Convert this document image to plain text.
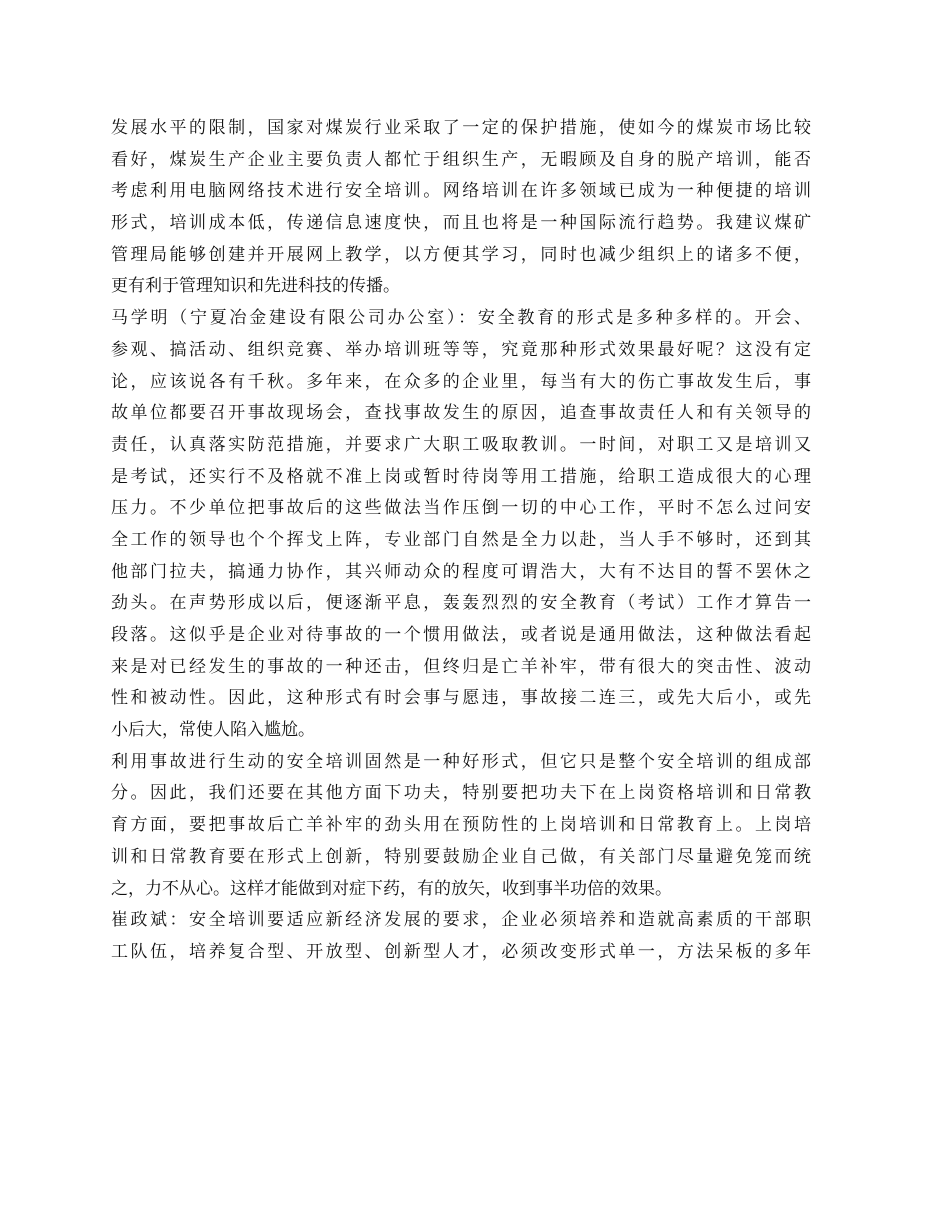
发展水平的限制，国家对煤炭行业采取了一定的保护措施，使如今的煤炭市场比较
看好，煤炭生产企业主要负责人都忙于组织生产，无暇顾及自身的脱产培训，能否
考虑利用电脑网络技术进行安全培训。网络培训在许多领域已成为一种便捷的培训
形式，培训成本低，传递信息速度快，而且也将是一种国际流行趋势。我建议煤矿
管理局能够创建并开展网上教学，以方便其学习，同时也减少组织上的诸多不便，
更有利于管理知识和先进科技的传播。
马学明（宁夏冶金建设有限公司办公室）：安全教育的形式是多种多样的。开会、
参观、搞活动、组织竞赛、举办培训班等等，究竟那种形式效果最好呢？这没有定
论，应该说各有千秋。多年来，在众多的企业里，每当有大的伤亡事故发生后，事
故单位都要召开事故现场会，查找事故发生的原因，追查事故责任人和有关领导的
责任，认真落实防范措施，并要求广大职工吸取教训。一时间，对职工又是培训又
是考试，还实行不及格就不准上岗或暂时待岗等用工措施，给职工造成很大的心理
压力。不少单位把事故后的这些做法当作压倒一切的中心工作，平时不怎么过问安
全工作的领导也个个挥戈上阵，专业部门自然是全力以赴，当人手不够时，还到其
他部门拉夫，搞通力协作，其兴师动众的程度可谓浩大，大有不达目的誓不罢休之
劲头。在声势形成以后，便逐渐平息，轰轰烈烈的安全教育（考试）工作才算告一
段落。这似乎是企业对待事故的一个惯用做法，或者说是通用做法，这种做法看起
来是对已经发生的事故的一种还击，但终归是亡羊补牢，带有很大的突击性、波动
性和被动性。因此，这种形式有时会事与愿违，事故接二连三，或先大后小，或先
小后大，常使人陷入尴尬。
利用事故进行生动的安全培训固然是一种好形式，但它只是整个安全培训的组成部
分。因此，我们还要在其他方面下功夫，特别要把功夫下在上岗资格培训和日常教
育方面，要把事故后亡羊补牢的劲头用在预防性的上岗培训和日常教育上。上岗培
训和日常教育要在形式上创新，特别要鼓励企业自己做，有关部门尽量避免笼而统
之，力不从心。这样才能做到对症下药，有的放矢，收到事半功倍的效果。
崔政斌：安全培训要适应新经济发展的要求，企业必须培养和造就高素质的干部职
工队伍，培养复合型、开放型、创新型人才，必须改变形式单一，方法呆板的多年
